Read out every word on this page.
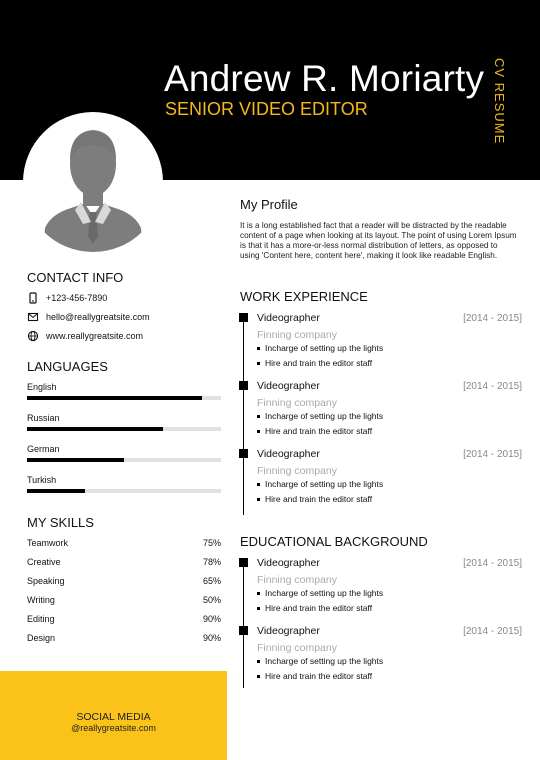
Andrew R. Moriarty
SENIOR VIDEO EDITOR	CV RESUME
CONTACT INFO
+123-456-7890
hello@reallygreatsite.com
www.reallygreatsite.com
LANGUAGES
English
Russian
German
Turkish
MY SKILLS
Teamwork	75%
Creative	78%
Speaking	65%
Writing	50%
Editing	90%
Design	90%
SOCIAL MEDIA
@reallygreatsite.com
My Profile
It is a long established fact that a reader will be distracted by the readable content of a page when looking at its layout. The point of using Lorem Ipsum is that it has a more-or-less normal distribution of letters, as opposed to using 'Content here, content here', making it look like readable English.
WORK EXPERIENCE
Videographer	[2014 - 2015]
Finning company
Incharge of setting up the lights
Hire and train the editor staff
Videographer	[2014 - 2015]
Finning company
Incharge of setting up the lights
Hire and train the editor staff
Videographer	[2014 - 2015]
Finning company
Incharge of setting up the lights
Hire and train the editor staff
EDUCATIONAL BACKGROUND
Videographer	[2014 - 2015]
Finning company
Incharge of setting up the lights
Hire and train the editor staff
Videographer	[2014 - 2015]
Finning company
Incharge of setting up the lights
Hire and train the editor staff
